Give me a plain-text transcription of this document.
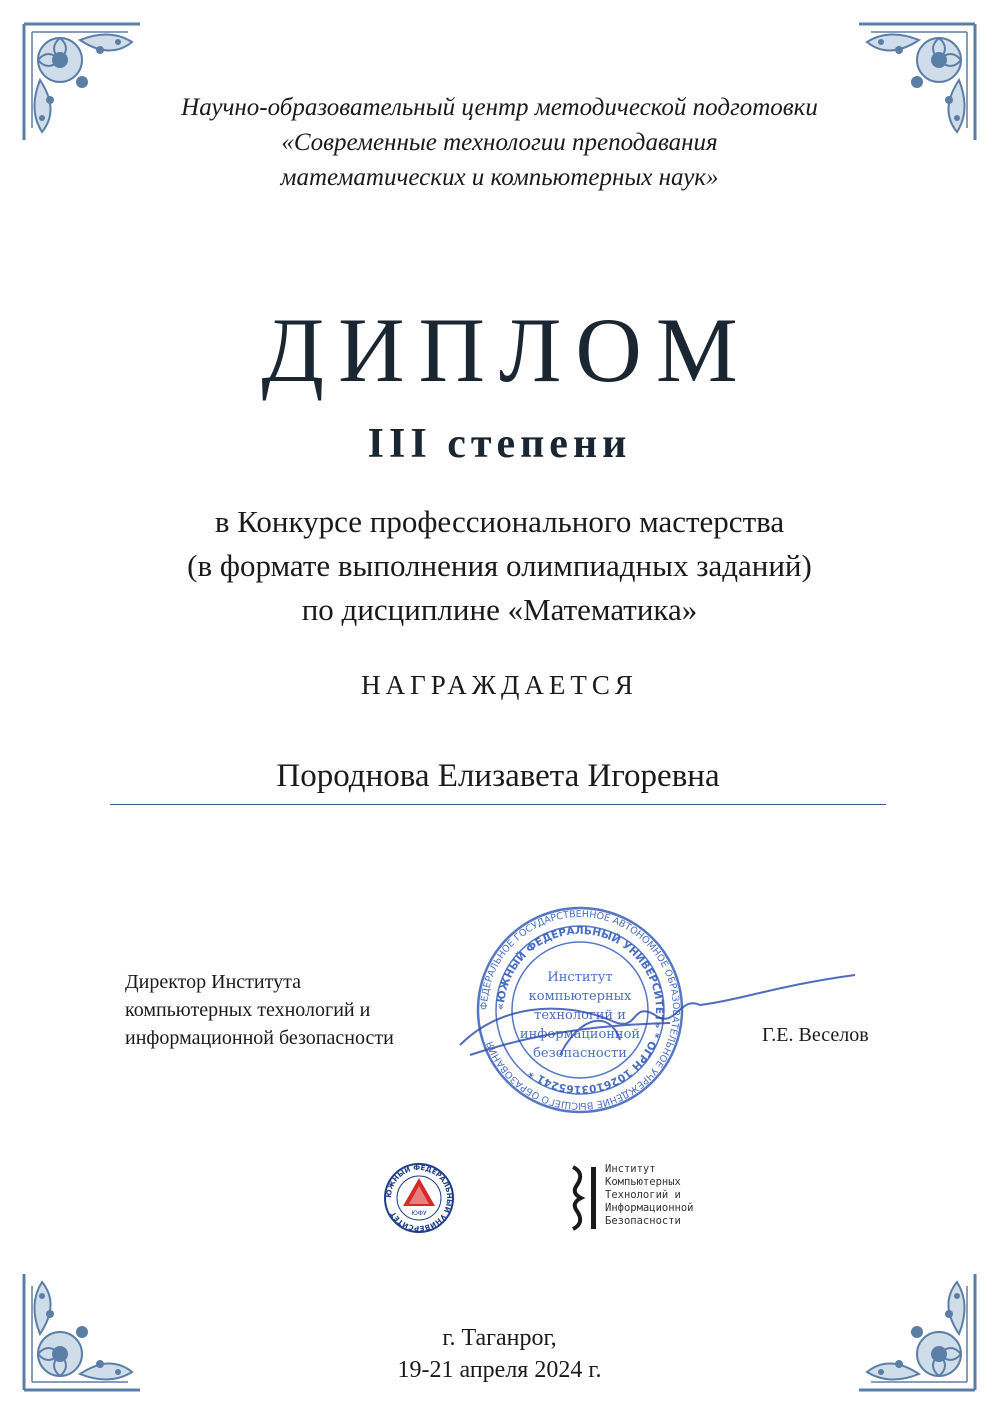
Научно-образовательный центр методической подготовки
«Современные технологии преподавания
математических и компьютерных наук»
ДИПЛОМ
III степени
в Конкурсе профессионального мастерства
(в формате выполнения олимпиадных заданий)
по дисциплине «Математика»
НАГРАЖДАЕТСЯ
Породнова Елизавета Игоревна
Директор Института
компьютерных технологий и
информационной безопасности
ФЕДЕРАЛЬНОЕ ГОСУДАРСТВЕННОЕ АВТОНОМНОЕ ОБРАЗОВАТЕЛЬНОЕ УЧРЕЖДЕНИЕ ВЫСШЕГО ОБРАЗОВАНИЯ
«ЮЖНЫЙ ФЕДЕРАЛЬНЫЙ УНИВЕРСИТЕТ» * ОГРН 1026103165241 *
Институт
компьютерных
технологий и
информационной
безопасности
Г.Е. Веселов
ЮЖНЫЙ ФЕДЕРАЛЬНЫЙ УНИВЕРСИТЕТ	ЮФУ
Институт
Компьютерных
Технологий и
Информационной
Безопасности
г. Таганрог,
19-21 апреля 2024 г.
